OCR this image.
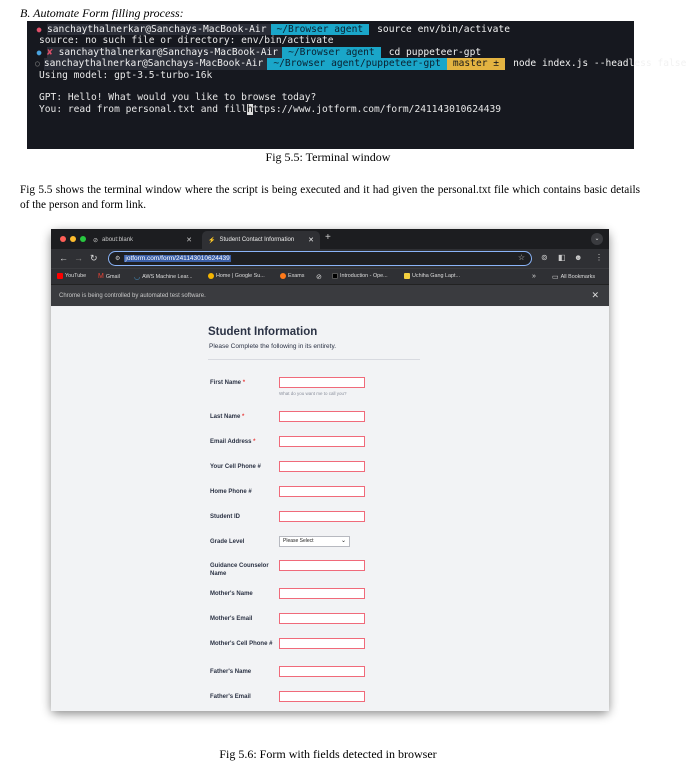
B. Automate Form filling process:
● sanchaythalnerkar@Sanchays-MacBook-Air	~/Browser agent	source env/bin/activate
source: no such file or directory: env/bin/activate
● ✘ sanchaythalnerkar@Sanchays-MacBook-Air	~/Browser agent	cd puppeteer-gpt
○ sanchaythalnerkar@Sanchays-MacBook-Air	~/Browser agent/puppeteer-gpt	master ±	node index.js --headless false
Using model: gpt-3.5-turbo-16k
GPT: Hello! What would you like to browse today?
You: read from personal.txt and fill h ttps://www.jotform.com/form/241143010624439
Fig 5.5: Terminal window
Fig 5.5 shows the terminal window where the script is being executed and it had given the personal.txt file which contains basic details of the person and form link.
⊘ about:blank	✕	⚡ Student Contact Information ✕ +	⌄
← → ↻	⚙ jotform.com/form/241143010624439	☆ ⊚ ◧ ☻ ⋮
YouTube M Gmail ◡ AWS Machine Lear...	Home | Google Su...	Exams ⊘	Introduction - Ope...	Uchiha Gang Lapt...	» ▭ All Bookmarks
Chrome is being controlled by automated test software.	✕
Student Information
Please Complete the following in its entirety.
First Name *
What do you want me to call you?
Last Name *
Email Address *
Your Cell Phone #
Home Phone #
Student ID
Grade Level	Please Select	⌄
Guidance Counselor Name
Mother's Name
Mother's Email
Mother's Cell Phone #
Father's Name
Father's Email
Fig 5.6: Form with fields detected in browser
